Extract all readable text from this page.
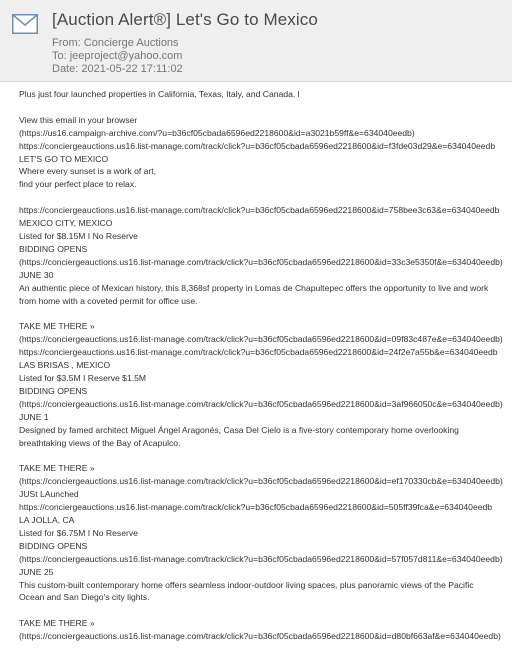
[Auction Alert®] Let's Go to Mexico
From: Concierge Auctions
To: jeeproject@yahoo.com
Date: 2021-05-22 17:11:02
Plus just four launched properties in California, Texas, Italy, and Canada. l
View this email in your browser
(https://us16.campaign-archive.com/?u=b36cf05cbada6596ed2218600&id=a3021b59ff&e=634040eedb)
https://conciergeauctions.us16.list-manage.com/track/click?u=b36cf05cbada6596ed2218600&id=f3fde03d29&e=634040eedb
LET'S GO TO MEXICO
Where every sunset is a work of art,
find your perfect place to relax.
https://conciergeauctions.us16.list-manage.com/track/click?u=b36cf05cbada6596ed2218600&id=758bee3c63&e=634040eedb
MEXICO CITY, MEXICO
Listed for $8.15M I No Reserve
BIDDING OPENS
(https://conciergeauctions.us16.list-manage.com/track/click?u=b36cf05cbada6596ed2218600&id=33c3e5350f&e=634040eedb)
JUNE 30
An authentic piece of Mexican history, this 8,368sf property in Lomas de Chapultepec offers the opportunity to live and work from home with a coveted permit for office use.
TAKE ME THERE »
(https://conciergeauctions.us16.list-manage.com/track/click?u=b36cf05cbada6596ed2218600&id=09f83c487e&e=634040eedb)
https://conciergeauctions.us16.list-manage.com/track/click?u=b36cf05cbada6596ed2218600&id=24f2e7a55b&e=634040eedb
LAS BRISAS , MEXICO
Listed for $3.5M I Reserve $1.5M
BIDDING OPENS
(https://conciergeauctions.us16.list-manage.com/track/click?u=b36cf05cbada6596ed2218600&id=3af966050c&e=634040eedb)
JUNE 1
Designed by famed architect Miguel Ángel Aragonés, Casa Del Cielo is a five-story contemporary home overlooking breathtaking views of the Bay of Acapulco.
TAKE ME THERE »
(https://conciergeauctions.us16.list-manage.com/track/click?u=b36cf05cbada6596ed2218600&id=ef170330cb&e=634040eedb)
JUSt LAunched
https://conciergeauctions.us16.list-manage.com/track/click?u=b36cf05cbada6596ed2218600&id=505ff39fca&e=634040eedb
LA JOLLA, CA
Listed for $6.75M I No Reserve
BIDDING OPENS
(https://conciergeauctions.us16.list-manage.com/track/click?u=b36cf05cbada6596ed2218600&id=57f057d811&e=634040eedb)
JUNE 25
This custom-built contemporary home offers seamless indoor-outdoor living spaces, plus panoramic views of the Pacific Ocean and San Diego's city lights.
TAKE ME THERE »
(https://conciergeauctions.us16.list-manage.com/track/click?u=b36cf05cbada6596ed2218600&id=d80bf663af&e=634040eedb)
